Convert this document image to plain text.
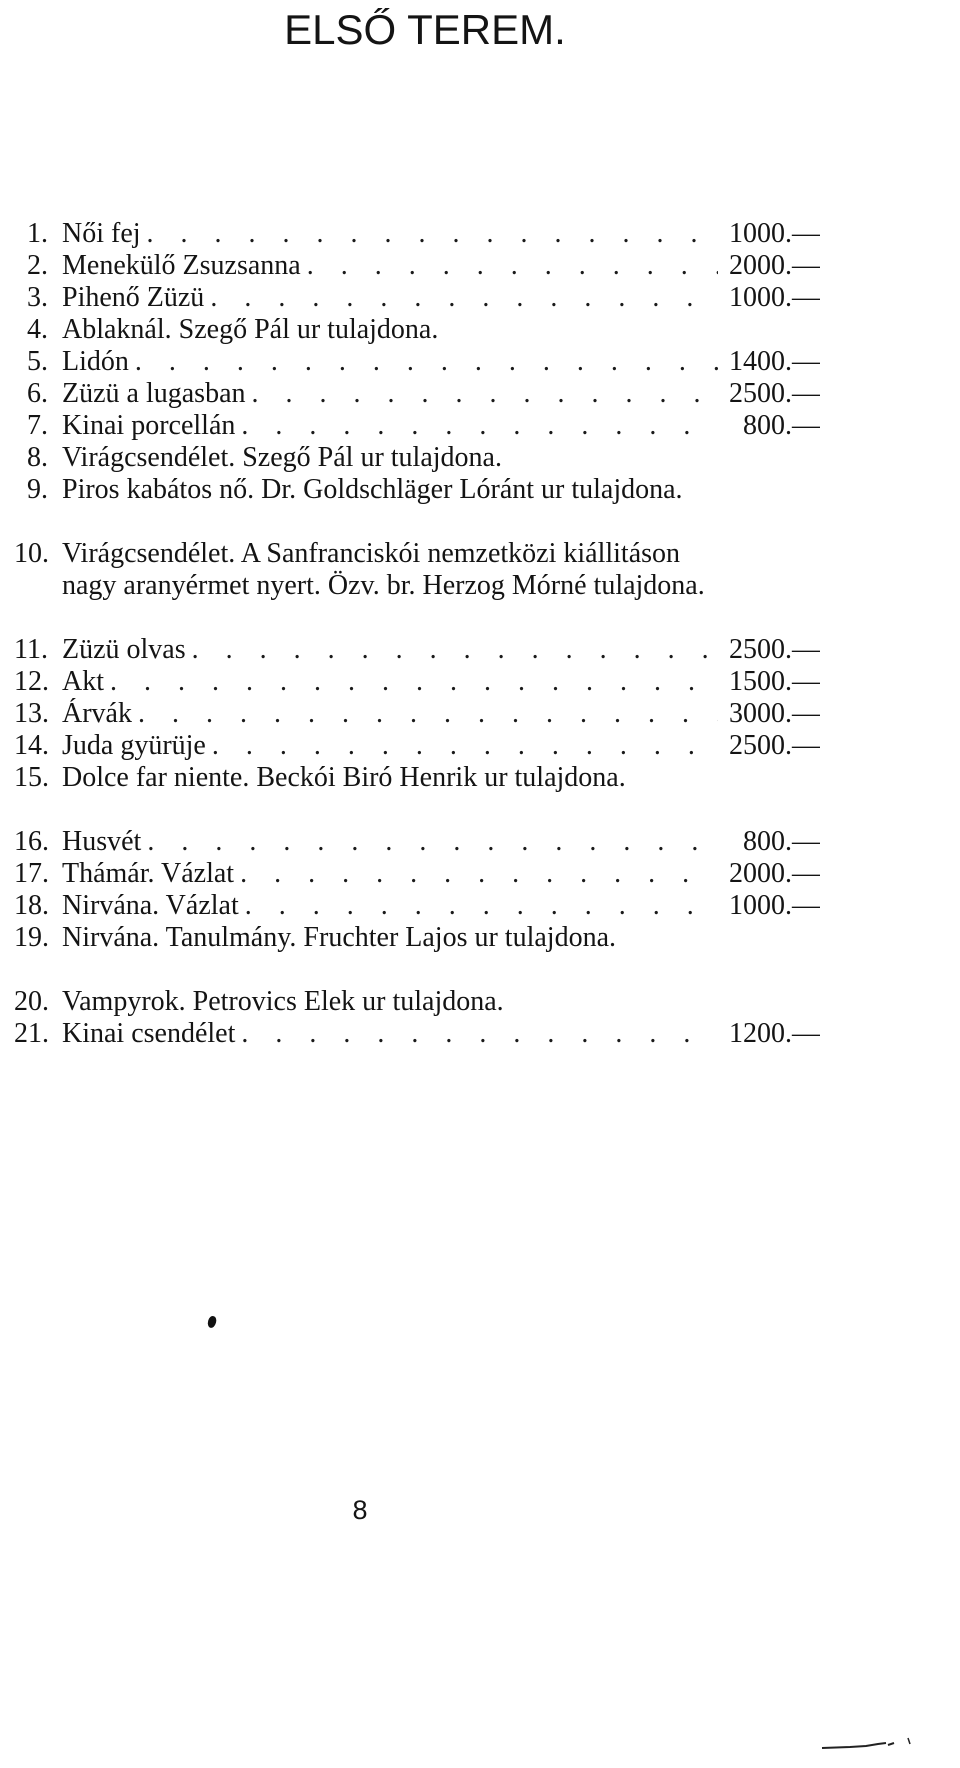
ELSŐ TEREM.
1. Női fej . . .	1000.—
2. Menekülő Zsuzsanna . . .	2000.—
3. Pihenő Züzü . . .	1000.—
4. Ablaknál. Szegő Pál ur tulajdona.
5. Lidón . . .	1400.—
6. Züzü a lugasban . . .	2500.—
7. Kinai porcellán . . .	800.—
8. Virágcsendélet. Szegő Pál ur tulajdona.
9. Piros kabátos nő. Dr. Goldschläger Lóránt ur tulajdona.
10. Virágcsendélet. A Sanfranciskói nemzetközi kiállitáson nagy aranyérmet nyert. Özv. br. Herzog Mórné tulajdona.
11. Züzü olvas . . .	2500.—
12. Akt . . .	1500.—
13. Árvák . . .	3000.—
14. Juda gyürüje . . .	2500.—
15. Dolce far niente. Beckói Biró Henrik ur tulajdona.
16. Husvét . . .	800.—
17. Thámár. Vázlat . . .	2000.—
18. Nirvána. Vázlat . . .	1000.—
19. Nirvána. Tanulmány. Fruchter Lajos ur tulajdona.
20. Vampyrok. Petrovics Elek ur tulajdona.
21. Kinai csendélet . . .	1200.—
8
